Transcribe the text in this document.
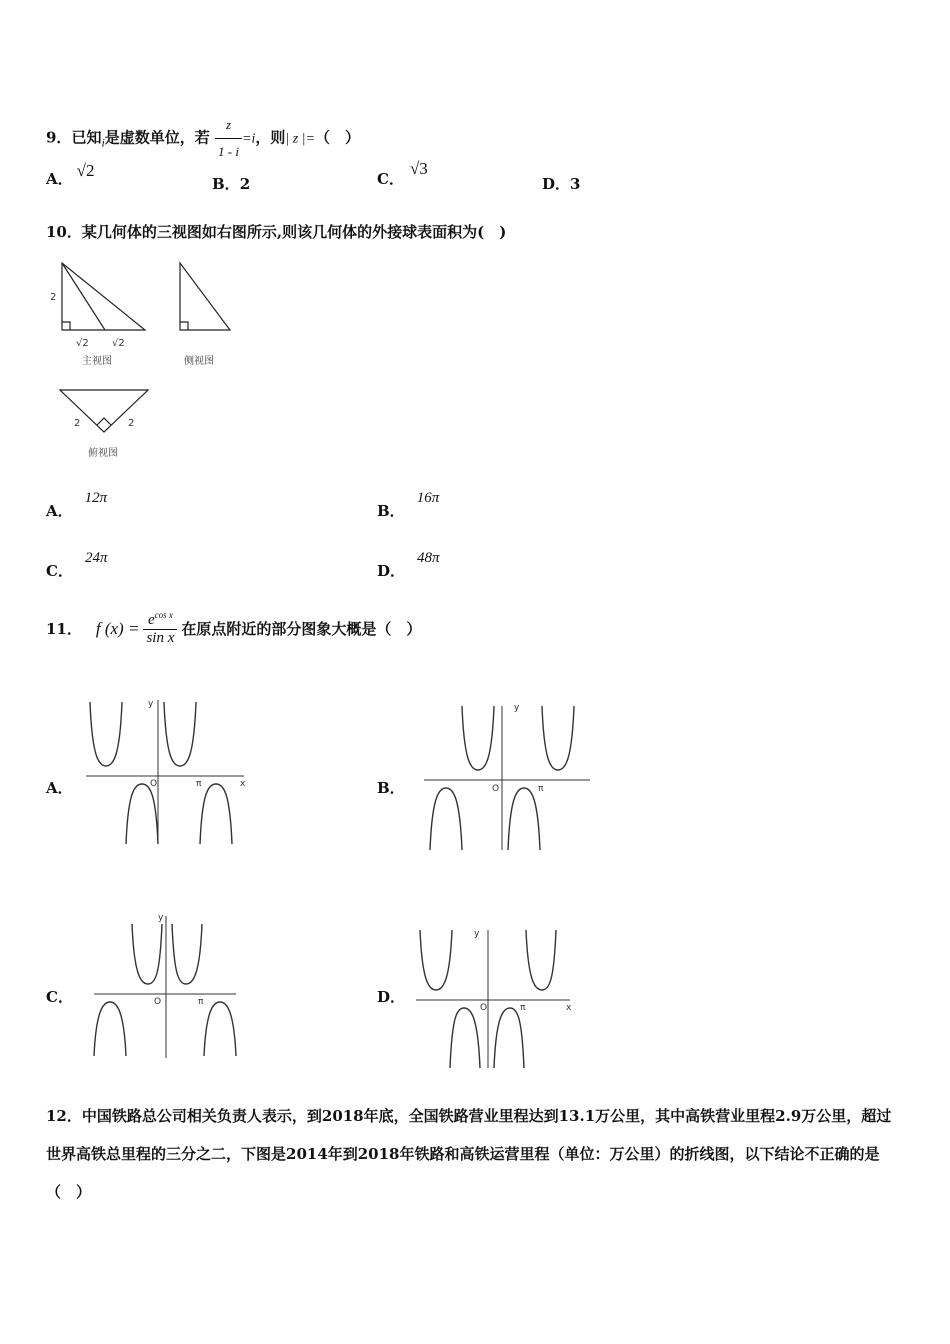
9．已知$_i$是虚数单位，若 $\frac{z}{1 - i} =i$，则| z |=（　）
A． √2
B．2	C．√3
D．3
10．某几何体的三视图如右图所示,则该几何体的外接球表面积为(　)
2
√2 √2
主视图	侧视图
2	2
俯视图
A．12π
B．16π
C．24π
D．48π
11． f $(x) = \frac{e^{cos x}}{\text{sin x}}$ 在原点附近的部分图象大概是（　）
A．	B．
C．	D．
y
x
O	π
y
O	π
y
O	π
y
x
O	π
12．中国铁路总公司相关负责人表示，到2018年底，全国铁路营业里程达到13.1万公里，其中高铁营业里程2.9万公里，超过世界高铁总里程的三分之二，下图是2014年到2018年铁路和高铁运营里程（单位：万公里）的折线图，以下结论不正确的是（　）
